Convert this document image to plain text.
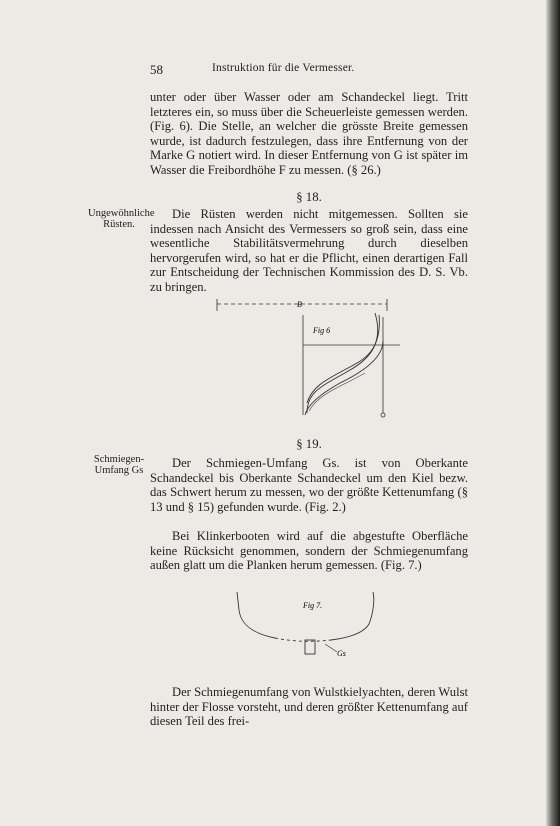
58	Instruktion für die Vermesser.
unter oder über Wasser oder am Schandeckel liegt. Tritt letzteres ein, so muss über die Scheuerleiste gemessen werden. (Fig. 6). Die Stelle, an welcher die grösste Breite gemessen wurde, ist dadurch festzulegen, dass ihre Entfernung von der Marke G notiert wird. In dieser Entfernung von G ist später im Wasser die Freibordhöhe F zu messen. (§ 26.)
§ 18.
Ungewöhnliche Rüsten.
Die Rüsten werden nicht mitgemessen. Sollten sie indessen nach Ansicht des Vermessers so groß sein, dass eine wesentliche Stabilitätsvermehrung durch dieselben hervorgerufen wird, so hat er die Pflicht, einen derartigen Fall zur Entscheidung der Technischen Kommission des D. S. Vb. zu bringen.
B
Fig 6
§ 19.
Schmiegen-Umfang Gs
Der Schmiegen-Umfang Gs. ist von Oberkante Schandeckel bis Oberkante Schandeckel um den Kiel bezw. das Schwert herum zu messen, wo der größte Kettenumfang (§ 13 und § 15) gefunden wurde. (Fig. 2.)
Bei Klinkerbooten wird auf die abgestufte Oberfläche keine Rücksicht genommen, sondern der Schmiegenumfang außen glatt um die Planken herum gemessen. (Fig. 7.)
Fig 7.
Gs
Der Schmiegenumfang von Wulstkielyachten, deren Wulst hinter der Flosse vorsteht, und deren größter Kettenumfang auf diesen Teil des frei-
